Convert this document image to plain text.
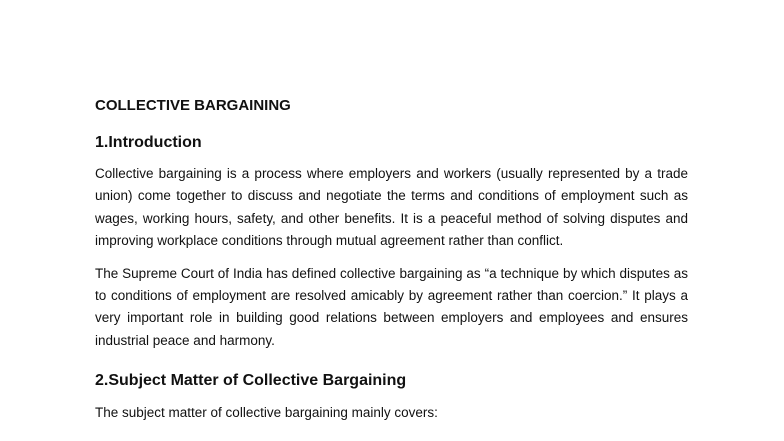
COLLECTIVE BARGAINING
1.Introduction

Collective bargaining is a process where employers and workers (usually represented by a trade union) come together to discuss and negotiate the terms and conditions of employment such as wages, working hours, safety, and other benefits. It is a peaceful method of solving disputes and improving workplace conditions through mutual agreement rather than conflict.

The Supreme Court of India has defined collective bargaining as “a technique by which disputes as to conditions of employment are resolved amicably by agreement rather than coercion.” It plays a very important role in building good relations between employers and employees and ensures industrial peace and harmony.

2.Subject Matter of Collective Bargaining

The subject matter of collective bargaining mainly covers:
